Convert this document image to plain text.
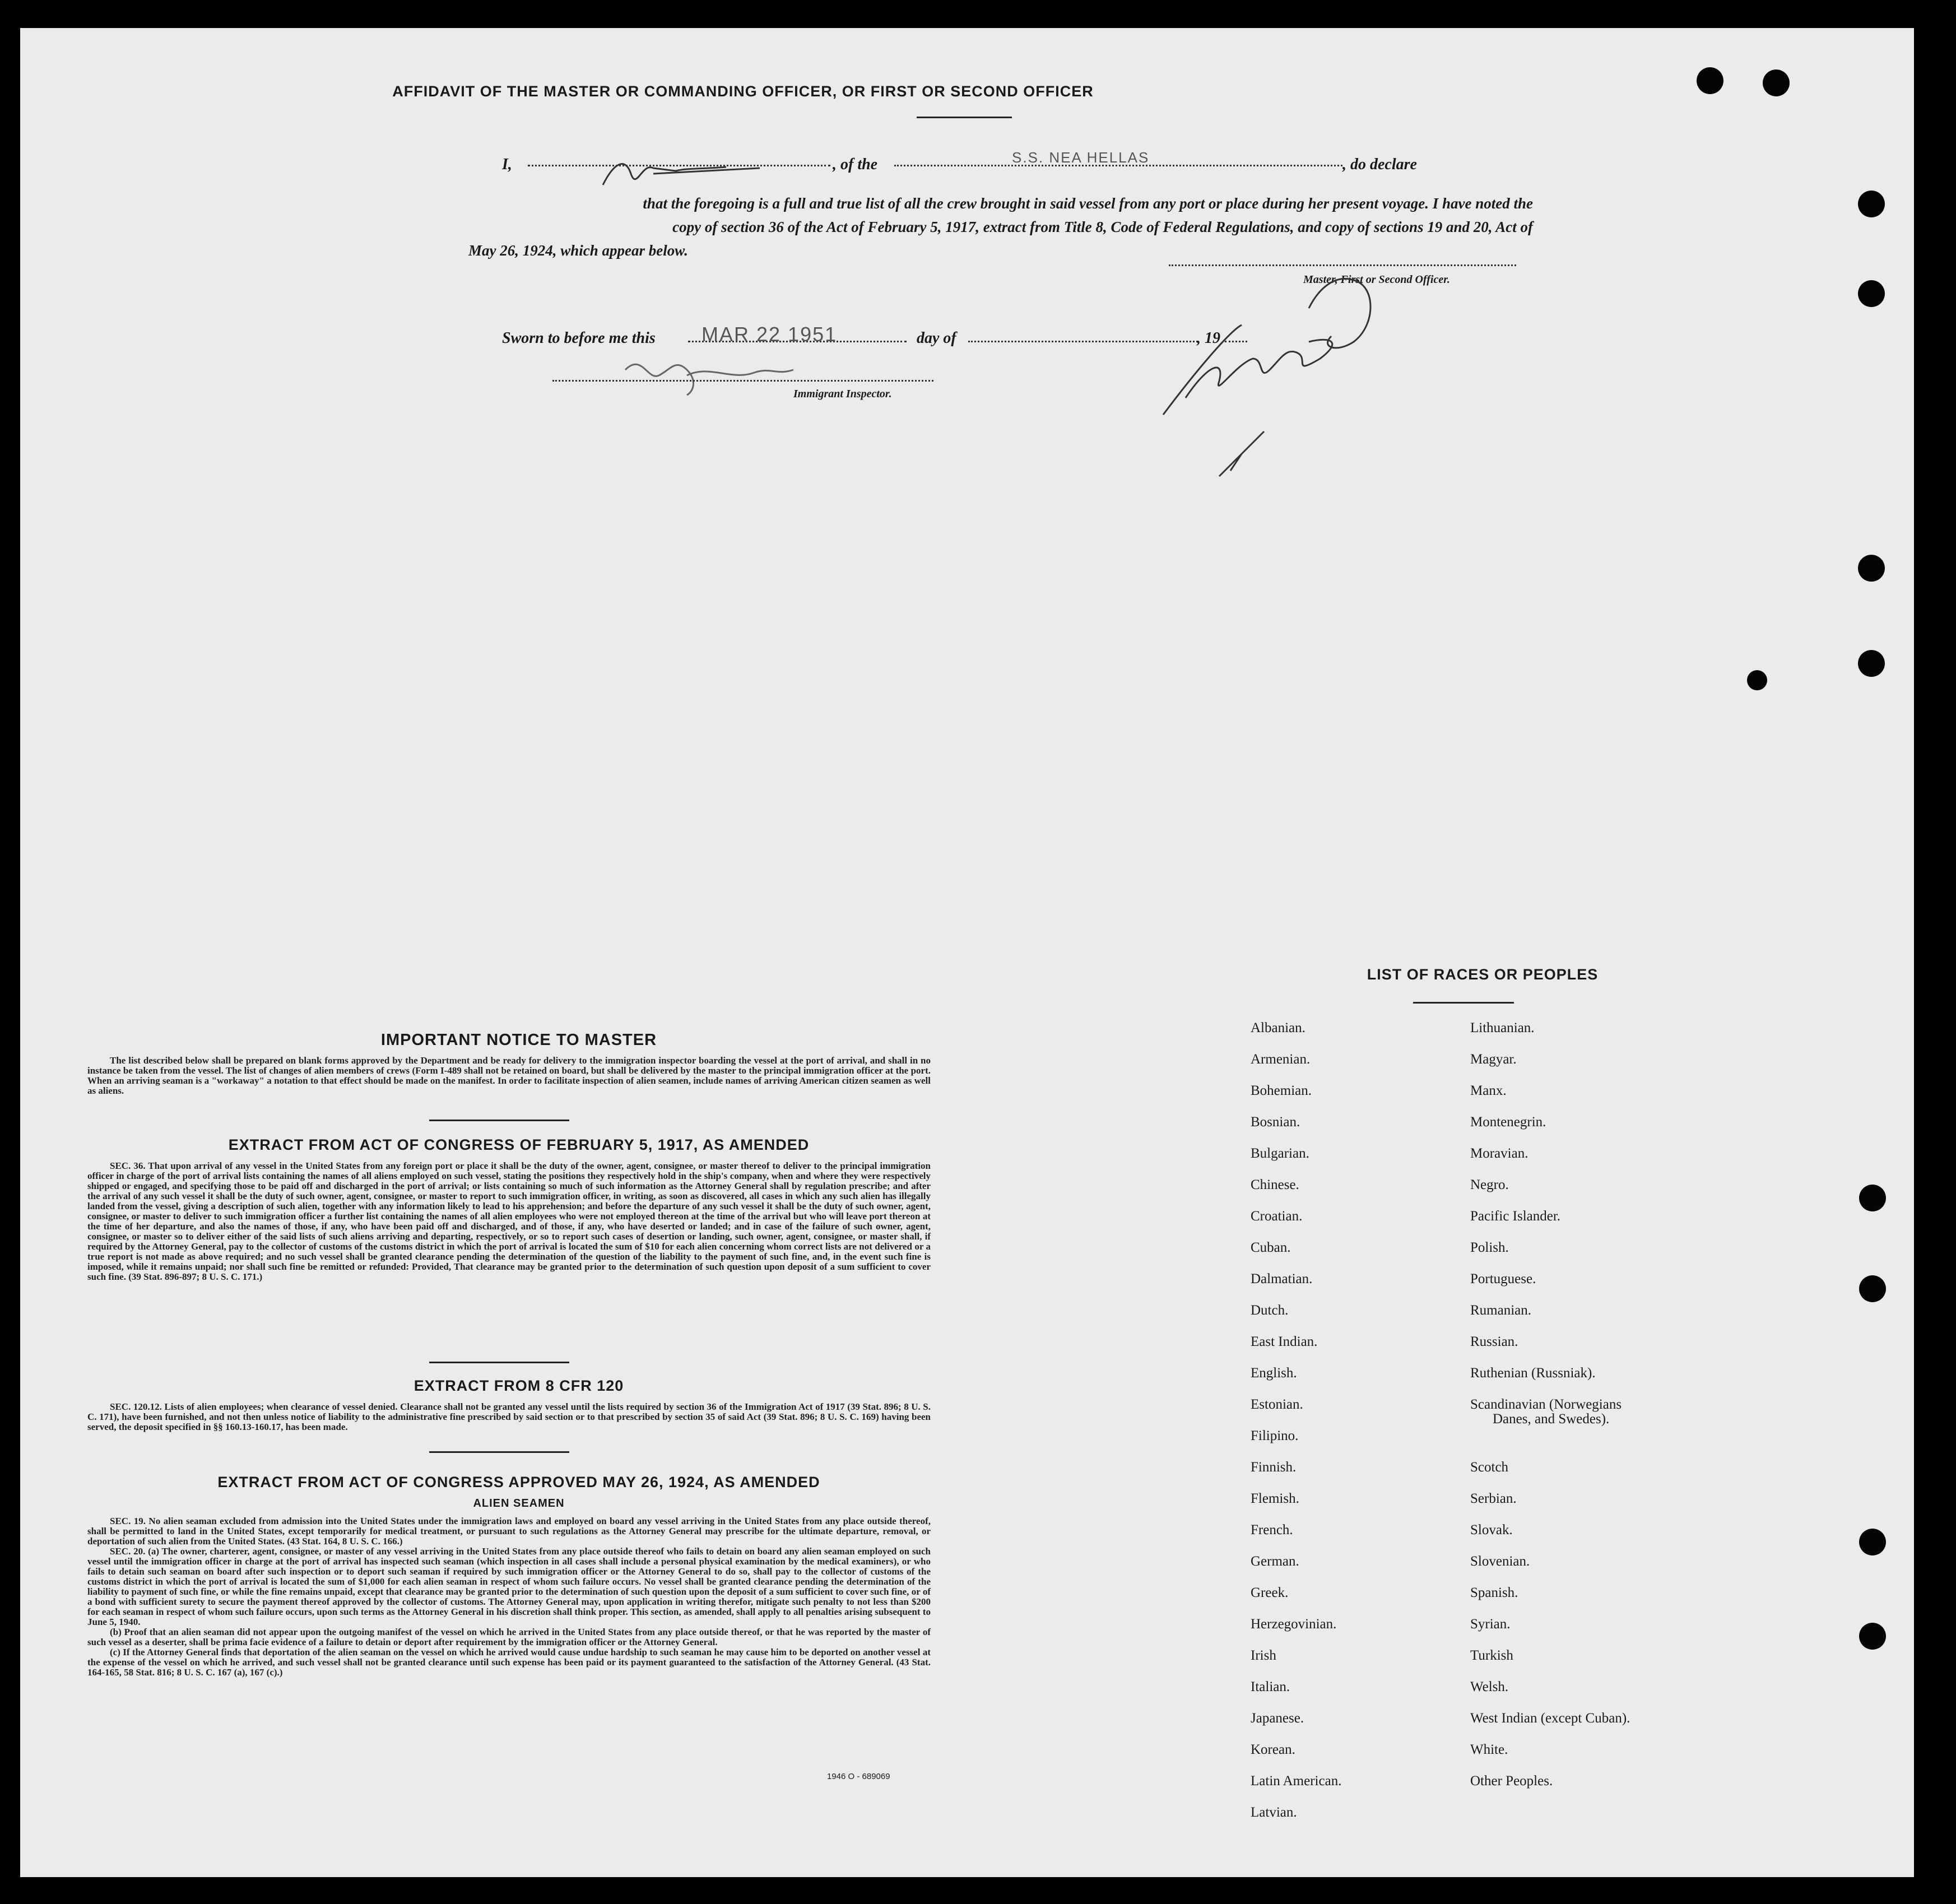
AFFIDAVIT OF THE MASTER OR COMMANDING OFFICER, OR FIRST OR SECOND OFFICER
I,	, of the	S.S. NEA HELLAS	, do declare
that the foregoing is a full and true list of all the crew brought in said vessel from any port or place during her present voyage. I have noted the
copy of section 36 of the Act of February 5, 1917, extract from Title 8, Code of Federal Regulations, and copy of sections 19 and 20, Act of
May 26, 1924, which appear below.
Master, First or Second Officer.
Sworn to before me this MAR 22 1951	day of	, 19
Immigrant Inspector.
IMPORTANT NOTICE TO MASTER

The list described below shall be prepared on blank forms approved by the Department and be ready for delivery to the immigration inspector boarding the vessel at the port of arrival, and shall in no instance be taken from the vessel. The list of changes of alien members of crews (Form I-489 shall not be retained on board, but shall be delivered by the master to the principal immigration officer at the port. When an arriving seaman is a "workaway" a notation to that effect should be made on the manifest. In order to facilitate inspection of alien seamen, include names of arriving American citizen seamen as well as aliens.

EXTRACT FROM ACT OF CONGRESS OF FEBRUARY 5, 1917, AS AMENDED

SEC. 36. That upon arrival of any vessel in the United States from any foreign port or place it shall be the duty of the owner, agent, consignee, or master thereof to deliver to the principal immigration officer in charge of the port of arrival lists containing the names of all aliens employed on such vessel, stating the positions they respectively hold in the ship's company, when and where they were respectively shipped or engaged, and specifying those to be paid off and discharged in the port of arrival; or lists containing so much of such information as the Attorney General shall by regulation prescribe; and after the arrival of any such vessel it shall be the duty of such owner, agent, consignee, or master to report to such immigration officer, in writing, as soon as discovered, all cases in which any such alien has illegally landed from the vessel, giving a description of such alien, together with any information likely to lead to his apprehension; and before the departure of any such vessel it shall be the duty of such owner, agent, consignee, or master to deliver to such immigration officer a further list containing the names of all alien employees who were not employed thereon at the time of the arrival but who will leave port thereon at the time of her departure, and also the names of those, if any, who have been paid off and discharged, and of those, if any, who have deserted or landed; and in case of the failure of such owner, agent, consignee, or master so to deliver either of the said lists of such aliens arriving and departing, respectively, or so to report such cases of desertion or landing, such owner, agent, consignee, or master shall, if required by the Attorney General, pay to the collector of customs of the customs district in which the port of arrival is located the sum of $10 for each alien concerning whom correct lists are not delivered or a true report is not made as above required; and no such vessel shall be granted clearance pending the determination of the question of the liability to the payment of such fine, and, in the event such fine is imposed, while it remains unpaid; nor shall such fine be remitted or refunded: Provided, That clearance may be granted prior to the determination of such question upon deposit of a sum sufficient to cover such fine. (39 Stat. 896-897; 8 U. S. C. 171.)

EXTRACT FROM 8 CFR 120

SEC. 120.12. Lists of alien employees; when clearance of vessel denied. Clearance shall not be granted any vessel until the lists required by section 36 of the Immigration Act of 1917 (39 Stat. 896; 8 U. S. C. 171), have been furnished, and not then unless notice of liability to the administrative fine prescribed by said section or to that prescribed by section 35 of said Act (39 Stat. 896; 8 U. S. C. 169) having been served, the deposit specified in §§ 160.13-160.17, has been made.

EXTRACT FROM ACT OF CONGRESS APPROVED MAY 26, 1924, AS AMENDED
ALIEN SEAMEN

SEC. 19. No alien seaman excluded from admission into the United States under the immigration laws and employed on board any vessel arriving in the United States from any place outside thereof, shall be permitted to land in the United States, except temporarily for medical treatment, or pursuant to such regulations as the Attorney General may prescribe for the ultimate departure, removal, or deportation of such alien from the United States. (43 Stat. 164, 8 U. S. C. 166.)

SEC. 20. (a) The owner, charterer, agent, consignee, or master of any vessel arriving in the United States from any place outside thereof who fails to detain on board any alien seaman employed on such vessel until the immigration officer in charge at the port of arrival has inspected such seaman (which inspection in all cases shall include a personal physical examination by the medical examiners), or who fails to detain such seaman on board after such inspection or to deport such seaman if required by such immigration officer or the Attorney General to do so, shall pay to the collector of customs of the customs district in which the port of arrival is located the sum of $1,000 for each alien seaman in respect of whom such failure occurs. No vessel shall be granted clearance pending the determination of the liability to payment of such fine, or while the fine remains unpaid, except that clearance may be granted prior to the determination of such question upon the deposit of a sum sufficient to cover such fine, or of a bond with sufficient surety to secure the payment thereof approved by the collector of customs. The Attorney General may, upon application in writing therefor, mitigate such penalty to not less than $200 for each seaman in respect of whom such failure occurs, upon such terms as the Attorney General in his discretion shall think proper. This section, as amended, shall apply to all penalties arising subsequent to June 5, 1940.

(b) Proof that an alien seaman did not appear upon the outgoing manifest of the vessel on which he arrived in the United States from any place outside thereof, or that he was reported by the master of such vessel as a deserter, shall be prima facie evidence of a failure to detain or deport after requirement by the immigration officer or the Attorney General.

(c) If the Attorney General finds that deportation of the alien seaman on the vessel on which he arrived would cause undue hardship to such seaman he may cause him to be deported on another vessel at the expense of the vessel on which he arrived, and such vessel shall not be granted clearance until such expense has been paid or its payment guaranteed to the satisfaction of the Attorney General. (43 Stat. 164-165, 58 Stat. 816; 8 U. S. C. 167 (a), 167 (c).)

1946 O - 689069
LIST OF RACES OR PEOPLES
Albanian.
Armenian.
Bohemian.
Bosnian.
Bulgarian.
Chinese.
Croatian.
Cuban.
Dalmatian.
Dutch.
East Indian.
English.
Estonian.
Filipino.
Finnish.
Flemish.
French.
German.
Greek.
Herzegovinian.
Irish
Italian.
Japanese.
Korean.
Latin American.
Latvian.
Lithuanian.
Magyar.
Manx.
Montenegrin.
Moravian.
Negro.
Pacific Islander.
Polish.
Portuguese.
Rumanian.
Russian.
Ruthenian (Russniak).
Scandinavian (Norwegians
Danes, and Swedes).
Scotch
Serbian.
Slovak.
Slovenian.
Spanish.
Syrian.
Turkish
Welsh.
West Indian (except Cuban).
White.
Other Peoples.
